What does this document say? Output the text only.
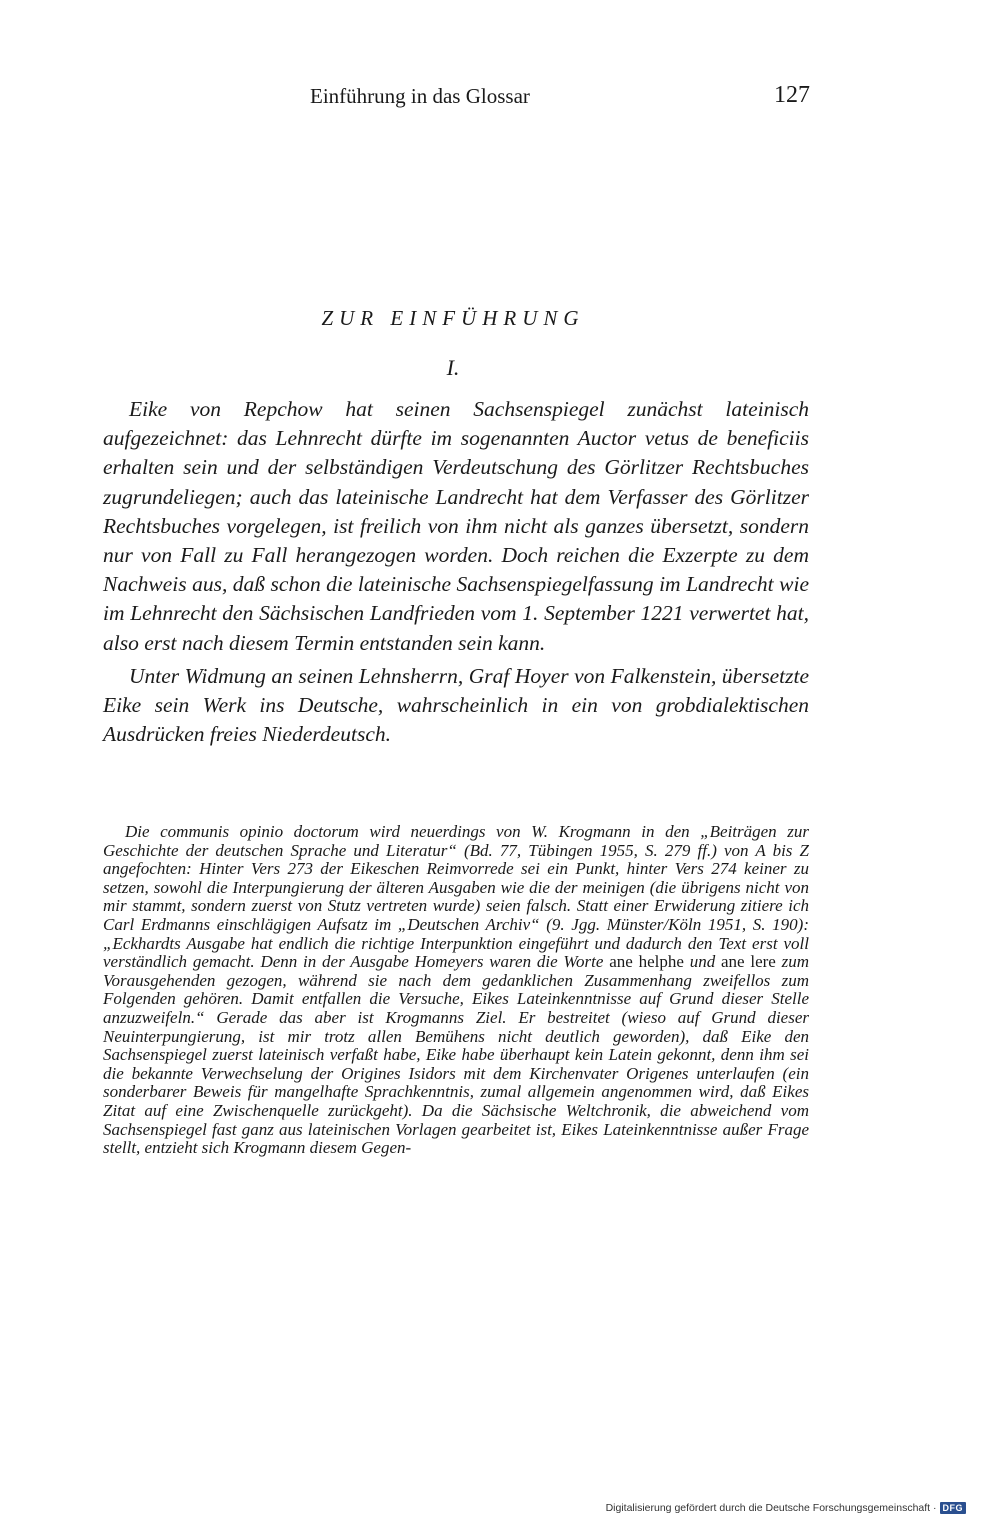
Einführung in das Glossar	127
ZUR EINFÜHRUNG
I.

Eike von Repchow hat seinen Sachsenspiegel zunächst lateinisch aufgezeichnet: das Lehnrecht dürfte im sogenannten Auctor vetus de beneficiis erhalten sein und der selbständigen Verdeutschung des Görlitzer Rechtsbuches zugrundeliegen; auch das lateinische Landrecht hat dem Verfasser des Görlitzer Rechtsbuches vorgelegen, ist freilich von ihm nicht als ganzes übersetzt, sondern nur von Fall zu Fall herangezogen worden. Doch reichen die Exzerpte zu dem Nachweis aus, daß schon die lateinische Sachsenspiegelfassung im Landrecht wie im Lehnrecht den Sächsischen Landfrieden vom 1. September 1221 verwertet hat, also erst nach diesem Termin entstanden sein kann.

Unter Widmung an seinen Lehnsherrn, Graf Hoyer von Falkenstein, übersetzte Eike sein Werk ins Deutsche, wahrscheinlich in ein von grobdialektischen Ausdrücken freies Niederdeutsch.

Die communis opinio doctorum wird neuerdings von W. Krogmann in den „Beiträgen zur Geschichte der deutschen Sprache und Literatur“ (Bd. 77, Tübingen 1955, S. 279 ff.) von A bis Z angefochten: Hinter Vers 273 der Eikeschen Reimvorrede sei ein Punkt, hinter Vers 274 keiner zu setzen, sowohl die Interpungierung der älteren Ausgaben wie die der meinigen (die übrigens nicht von mir stammt, sondern zuerst von Stutz vertreten wurde) seien falsch. Statt einer Erwiderung zitiere ich Carl Erdmanns einschlägigen Aufsatz im „Deutschen Archiv“ (9. Jgg. Münster/Köln 1951, S. 190): „Eckhardts Ausgabe hat endlich die richtige Interpunktion eingeführt und dadurch den Text erst voll verständlich gemacht. Denn in der Ausgabe Homeyers waren die Worte ane helphe und ane lere zum Vorausgehenden gezogen, während sie nach dem gedanklichen Zusammenhang zweifellos zum Folgenden gehören. Damit entfallen die Versuche, Eikes Lateinkenntnisse auf Grund dieser Stelle anzuzweifeln.“ Gerade das aber ist Krogmanns Ziel. Er bestreitet (wieso auf Grund dieser Neuinterpungierung, ist mir trotz allen Bemühens nicht deutlich geworden), daß Eike den Sachsenspiegel zuerst lateinisch verfaßt habe, Eike habe überhaupt kein Latein gekonnt, denn ihm sei die bekannte Verwechselung der Origines Isidors mit dem Kirchenvater Origenes unterlaufen (ein sonderbarer Beweis für mangelhafte Sprachkenntnis, zumal allgemein angenommen wird, daß Eikes Zitat auf eine Zwischenquelle zurückgeht). Da die Sächsische Weltchronik, die abweichend vom Sachsenspiegel fast ganz aus lateinischen Vorlagen gearbeitet ist, Eikes Lateinkenntnisse außer Frage stellt, entzieht sich Krogmann diesem Gegen-

Digitalisierung gefördert durch die Deutsche Forschungsgemeinschaft · DFG
